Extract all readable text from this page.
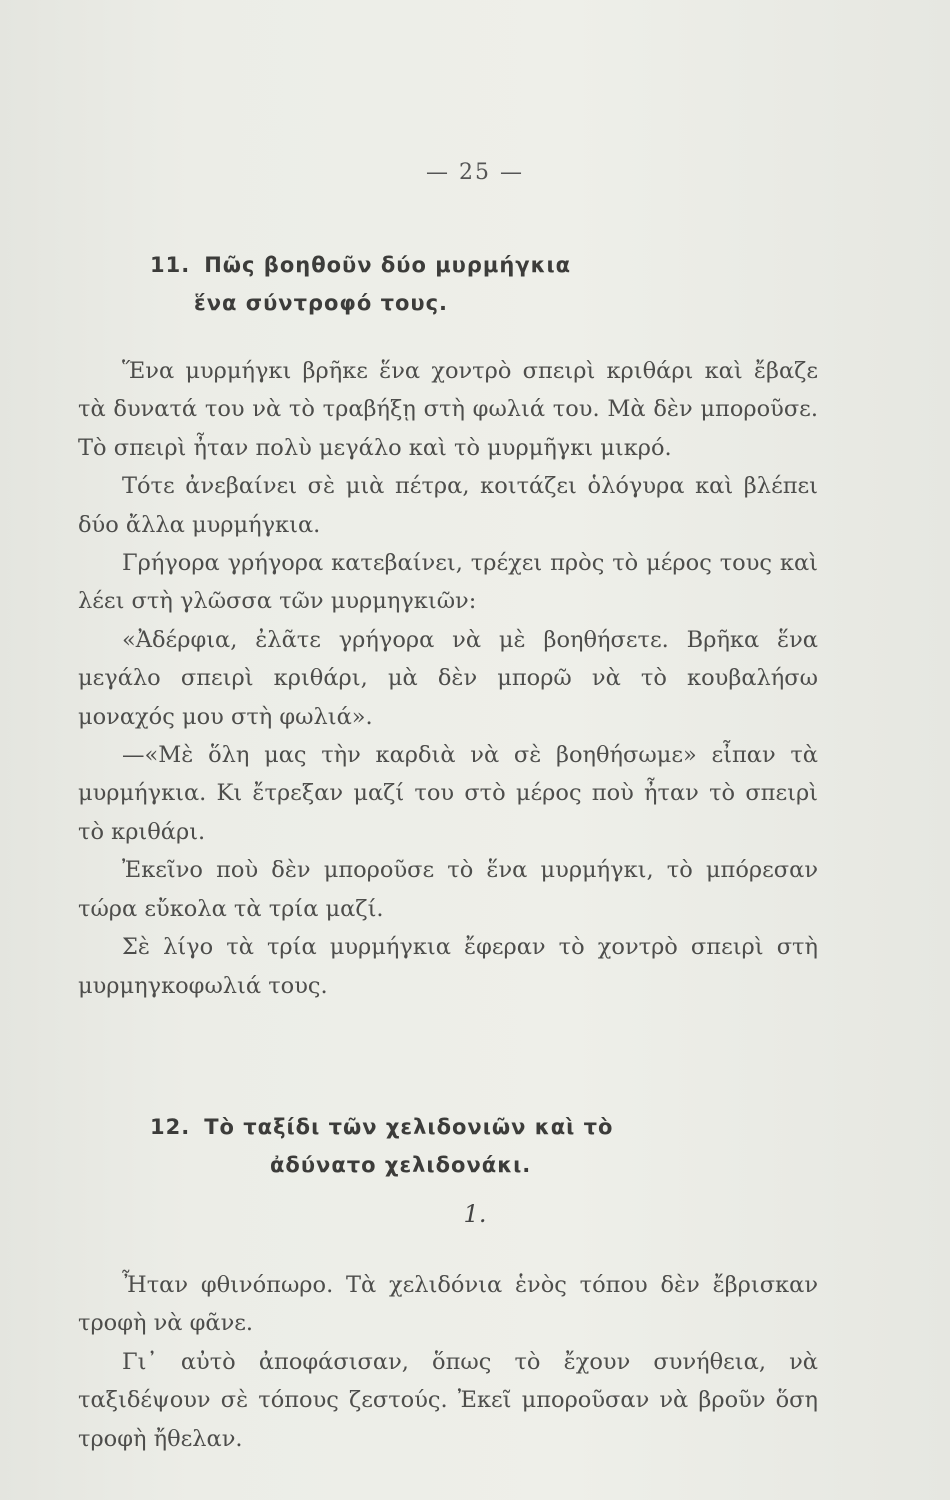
— 25 —
11. Πῶς βοηθοῦν δύο μυρμήγκια
ἕνα σύντροφό τους.

Ἕνα μυρμήγκι βρῆκε ἕνα χοντρὸ σπειρὶ κριθάρι καὶ ἔβαζε τὰ δυνατά του νὰ τὸ τραβήξῃ στὴ φωλιά του. Μὰ δὲν μποροῦσε. Τὸ σπειρὶ ἦταν πολὺ μεγάλο καὶ τὸ μυρμῆγκι μικρό.

Τότε ἀνεβαίνει σὲ μιὰ πέτρα, κοιτάζει ὁλόγυρα καὶ βλέπει δύο ἄλλα μυρμήγκια.

Γρήγορα γρήγορα κατεβαίνει, τρέχει πρὸς τὸ μέρος τους καὶ λέει στὴ γλῶσσα τῶν μυρμηγκιῶν:

«Ἀδέρφια, ἐλᾶτε γρήγορα νὰ μὲ βοηθήσετε. Βρῆκα ἕνα μεγάλο σπειρὶ κριθάρι, μὰ δὲν μπορῶ νὰ τὸ κουβαλήσω μοναχός μου στὴ φωλιά».

—«Μὲ ὅλη μας τὴν καρδιὰ νὰ σὲ βοηθήσωμε» εἶπαν τὰ μυρμήγκια. Κι ἔτρεξαν μαζί του στὸ μέρος ποὺ ἦταν τὸ σπειρὶ τὸ κριθάρι.

Ἐκεῖνο ποὺ δὲν μποροῦσε τὸ ἕνα μυρμήγκι, τὸ μπόρεσαν τώρα εὔκολα τὰ τρία μαζί.

Σὲ λίγο τὰ τρία μυρμήγκια ἔφεραν τὸ χοντρὸ σπειρὶ στὴ μυρμηγκοφωλιά τους.

12. Τὸ ταξίδι τῶν χελιδονιῶν καὶ τὸ
ἀδύνατο χελιδονάκι.
1.

Ἦταν φθινόπωρο. Τὰ χελιδόνια ἑνὸς τόπου δὲν ἔβρισκαν τροφὴ νὰ φᾶνε.

Γι᾽ αὐτὸ ἀποφάσισαν, ὅπως τὸ ἔχουν συνήθεια, νὰ ταξιδέψουν σὲ τόπους ζεστούς. Ἐκεῖ μποροῦσαν νὰ βροῦν ὅση τροφὴ ἤθελαν.
